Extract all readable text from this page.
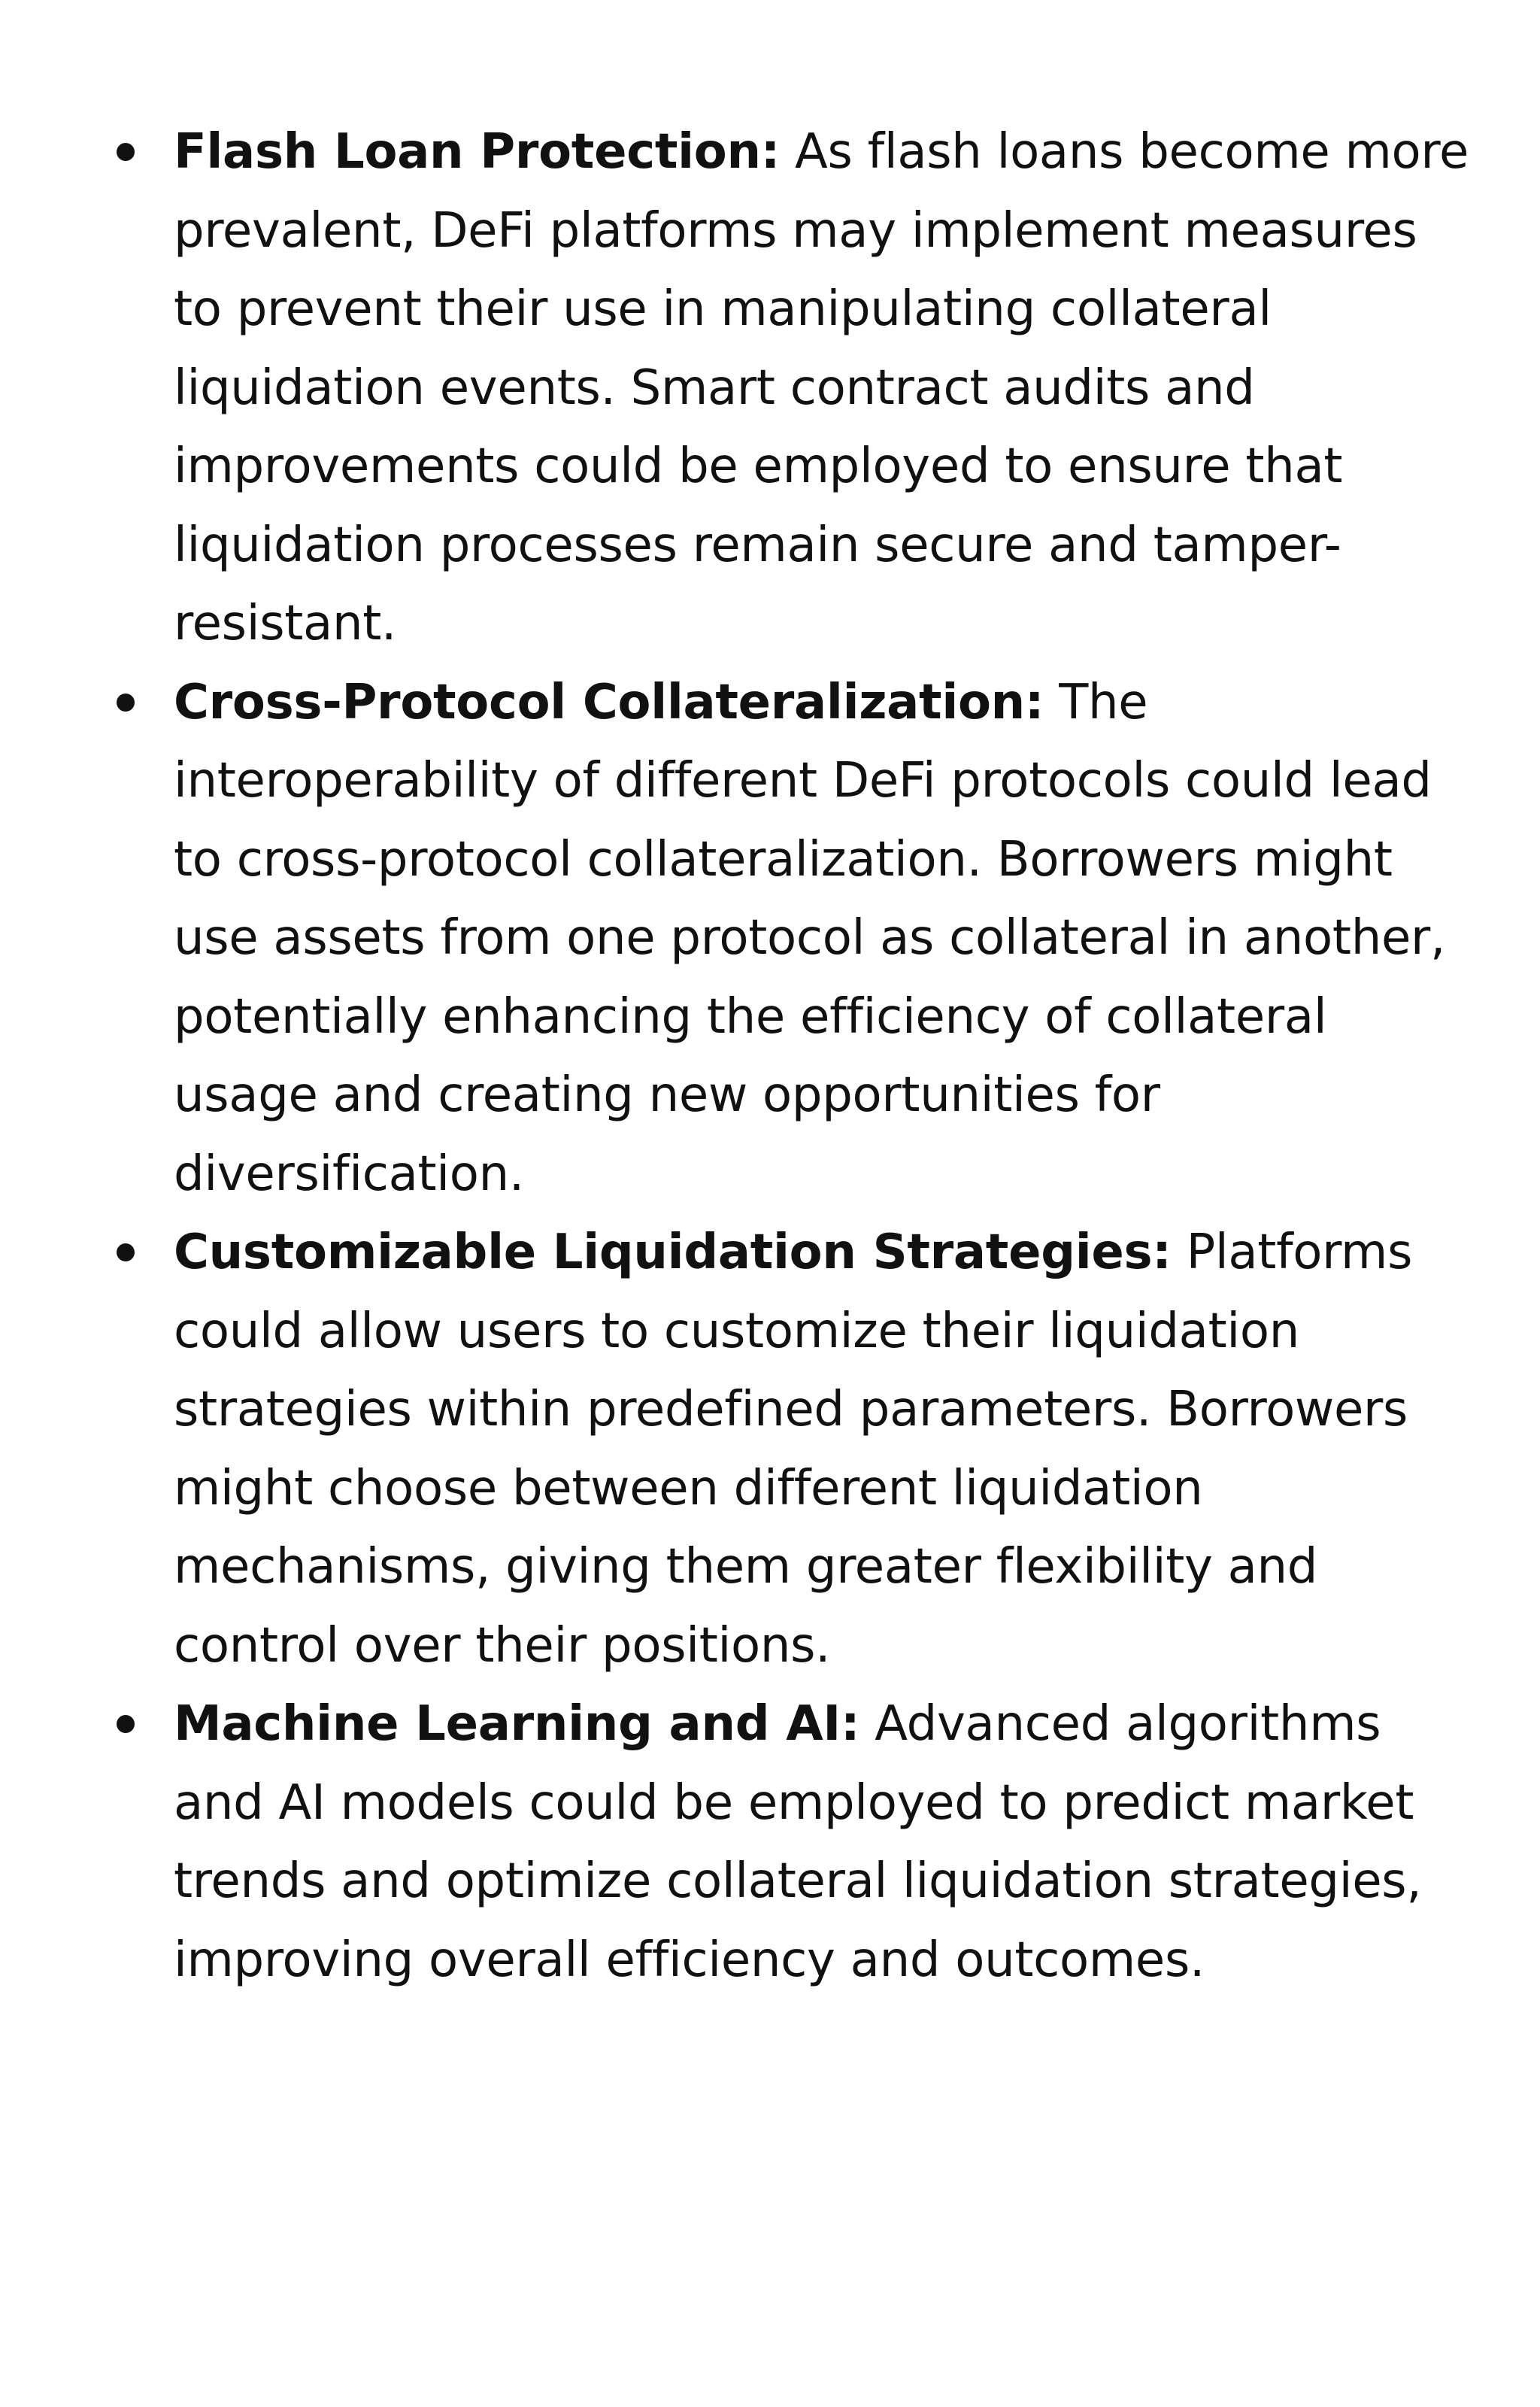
Flash Loan Protection: As flash loans become more prevalent, DeFi platforms may implement measures to prevent their use in manipulating collateral liquidation events. Smart contract audits and improvements could be employed to ensure that liquidation processes remain secure and tamper-resistant.
Cross-Protocol Collateralization: The interoperability of different DeFi protocols could lead to cross-protocol collateralization. Borrowers might use assets from one protocol as collateral in another, potentially enhancing the efficiency of collateral usage and creating new opportunities for diversification.
Customizable Liquidation Strategies: Platforms could allow users to customize their liquidation strategies within predefined parameters. Borrowers might choose between different liquidation mechanisms, giving them greater flexibility and control over their positions.
Machine Learning and AI: Advanced algorithms and AI models could be employed to predict market trends and optimize collateral liquidation strategies, improving overall efficiency and outcomes.
